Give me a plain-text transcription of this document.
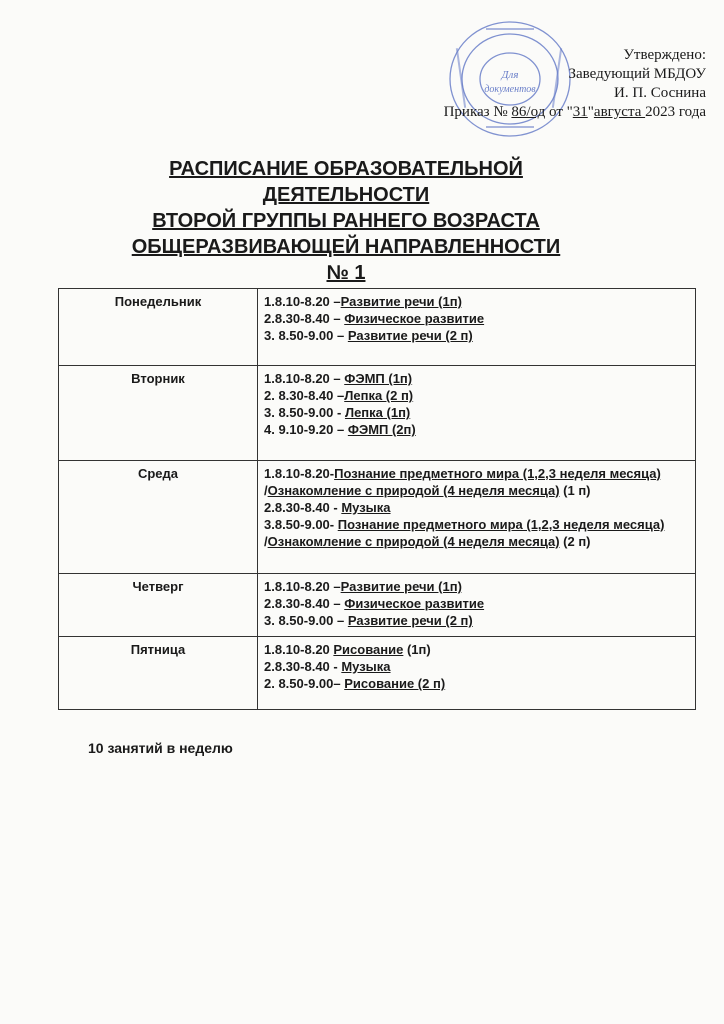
Для
документов
Утверждено:
Заведующий МБДОУ
И. П. Соснина
Приказ № 86/од от "31"августа 2023 года
РАСПИСАНИЕ ОБРАЗОВАТЕЛЬНОЙ ДЕЯТЕЛЬНОСТИ
ВТОРОЙ ГРУППЫ РАННЕГО ВОЗРАСТА
ОБЩЕРАЗВИВАЮЩЕЙ НАПРАВЛЕННОСТИ
№ 1
Понедельник	1.8.10-8.20 –Развитие речи (1п)
2.8.30-8.40 – Физическое развитие
3. 8.50-9.00 – Развитие речи (2 п)

Вторник	1.8.10-8.20 – ФЭМП (1п)
2. 8.30-8.40 –Лепка (2 п)
3. 8.50-9.00 - Лепка (1п)
4. 9.10-9.20 – ФЭМП (2п)

Среда	1.8.10-8.20-Познание предметного мира (1,2,3 неделя месяца)
/Ознакомление с природой (4 неделя месяца) (1 п)
2.8.30-8.40 - Музыка
3.8.50-9.00- Познание предметного мира (1,2,3 неделя месяца)
/Ознакомление с природой (4 неделя месяца) (2 п)

Четверг	1.8.10-8.20 –Развитие речи (1п)
2.8.30-8.40 – Физическое развитие
3. 8.50-9.00 – Развитие речи (2 п)

Пятница	1.8.10-8.20 Рисование (1п)
2.8.30-8.40 - Музыка
2. 8.50-9.00– Рисование (2 п)
10 занятий в неделю
